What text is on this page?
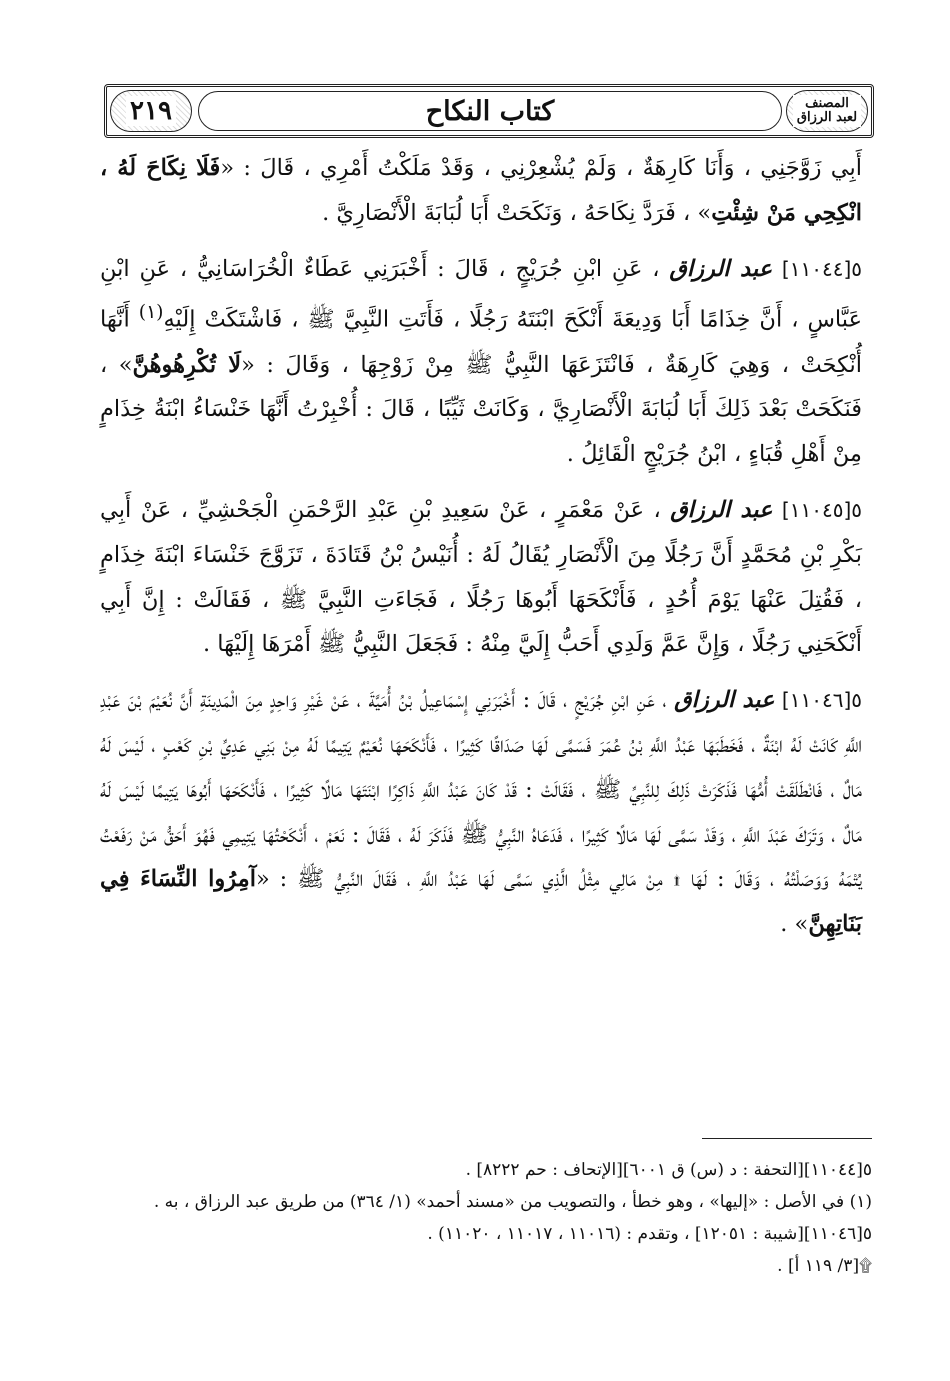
٢١٩	كتاب النكاح	المصنف
لعبد الرزاق

أَبِي زَوَّجَنِي ، وَأَنَا كَارِهَةٌ ، وَلَمْ يُشْعِرْنِي ، وَقَدْ مَلَكْتُ أَمْرِي ، قَالَ : «فَلَا نِكَاحَ لَهُ ، انْكِحِي مَنْ شِئْتِ» ، فَرَدَّ نِكَاحَهُ ، وَنَكَحَتْ أَبَا لُبَابَةَ الْأَنْصَارِيَّ .

٥[١١٠٤٤] عبد الرزاق ، عَنِ ابْنِ جُرَيْجٍ ، قَالَ : أَخْبَرَنِي عَطَاءٌ الْخُرَاسَانِيُّ ، عَنِ ابْنِ عَبَّاسٍ ، أَنَّ خِذَامًا أَبَا وَدِيعَةَ أَنْكَحَ ابْنَتَهُ رَجُلًا ، فَأَتَتِ النَّبِيَّ ﷺ ، فَاشْتَكَتْ إِلَيْهِ$^{(١)}$ أَنَّهَا أُنْكِحَتْ ، وَهِيَ كَارِهَةٌ ، فَانْتَزَعَهَا النَّبِيُّ ﷺ مِنْ زَوْجِهَا ، وَقَالَ : «لَا تُكْرِهُوهُنَّ» ، فَنَكَحَتْ بَعْدَ ذَلِكَ أَبَا لُبَابَةَ الْأَنْصَارِيَّ ، وَكَانَتْ ثَيِّبًا ، قَالَ : أُخْبِرْتُ أَنَّهَا خَنْسَاءُ ابْنَةُ خِذَامٍ مِنْ أَهْلِ قُبَاءٍ ، ابْنُ جُرَيْجٍ الْقَائِلُ .

٥[١١٠٤٥] عبد الرزاق ، عَنْ مَعْمَرٍ ، عَنْ سَعِيدِ بْنِ عَبْدِ الرَّحْمَنِ الْجَحْشِيِّ ، عَنْ أَبِي بَكْرِ بْنِ مُحَمَّدٍ أَنَّ رَجُلًا مِنَ الْأَنْصَارِ يُقَالُ لَهُ : أُنَيْسُ بْنُ قَتَادَةَ ، تَزَوَّجَ خَنْسَاءَ ابْنَةَ خِذَامٍ ، فَقُتِلَ عَنْهَا يَوْمَ أُحُدٍ ، فَأَنْكَحَهَا أَبُوهَا رَجُلًا ، فَجَاءَتِ النَّبِيَّ ﷺ ، فَقَالَتْ : إِنَّ أَبِي أَنْكَحَنِي رَجُلًا ، وَإِنَّ عَمَّ وَلَدِي أَحَبُّ إِلَيَّ مِنْهُ : فَجَعَلَ النَّبِيُّ ﷺ أَمْرَهَا إِلَيْهَا .

٥[١١٠٤٦] عبد الرزاق ، عَنِ ابْنِ جُرَيْجٍ ، قَالَ : أَخْبَرَنِي إِسْمَاعِيلُ بْنُ أُمَيَّةَ ، عَنْ غَيْرِ وَاحِدٍ مِنَ الْمَدِينَةِ أَنَّ نُعَيْمَ بْنَ عَبْدِ اللَّهِ كَانَتْ لَهُ ابْنَةٌ ، فَخَطَبَهَا عَبْدُ اللَّهِ بْنُ عُمَرَ فَسَمَّى لَهَا صَدَاقًا كَثِيرًا ، فَأَنْكَحَهَا نُعَيْمٌ يَتِيمًا لَهُ مِنْ بَنِي عَدِيِّ بْنِ كَعْبٍ ، لَيْسَ لَهُ مَالٌ ، فَانْطَلَقَتْ أُمُّهَا فَذَكَرَتْ ذَلِكَ لِلنَّبِيِّ ﷺ ، فَقَالَتْ : قَدْ كَانَ عَبْدُ اللَّهِ ذَاكِرًا ابْنَتَهَا مَالًا كَثِيرًا ، فَأَنْكَحَهَا أَبُوهَا يَتِيمًا لَيْسَ لَهُ مَالٌ ، وَتَرَكَ عَبْدَ اللَّهِ ، وَقَدْ سَمَّى لَهَا مَالًا كَثِيرًا ، فَدَعَاهُ النَّبِيُّ ﷺ فَذَكَرَ لَهُ ، فَقَالَ : نَعَمْ ، أَنْكَحْتُهَا يَتِيمِي فَهُوَ أَحَقُّ مَنْ رَفَعْتُ يُتْمَهُ وَوَصَلْتُهُ ، وَقَالَ : لَهَا ۩ مِنْ مَالِي مِثْلُ الَّذِي سَمَّى لَهَا عَبْدُ اللَّهِ ، فَقَالَ النَّبِيُّ ﷺ : «آمِرُوا النِّسَاءَ فِي بَنَاتِهِنَّ» .

٥[١١٠٤٤][التحفة : د (س) ق ٦٠٠١][الإتحاف : حم ٨٢٢٢] .
(١) في الأصل : «إليها» ، وهو خطأ ، والتصويب من «مسند أحمد» (١/ ٣٦٤) من طريق عبد الرزاق ، به .
٥[١١٠٤٦][شيبة : ١٢٠٥١] ، وتقدم : (١١٠١٦ ، ١١٠١٧ ، ١١٠٢٠) .
۩[٣/ ١١٩ أ] .
